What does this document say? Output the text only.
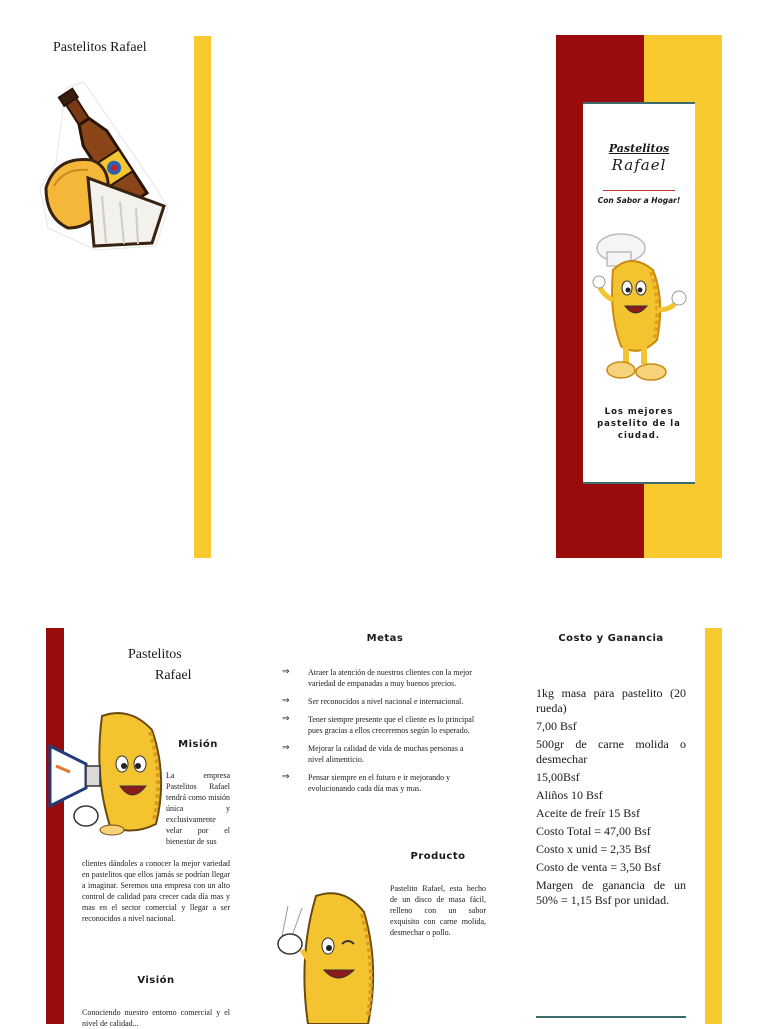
Pastelitos Rafael
Pastelitos
Rafael
Con Sabor a Hogar!
Los mejores pastelito de la ciudad.
Pastelitos
Rafael
Misión
La empresa Pastelitos Rafael tendrá como misión única y exclusivamente velar por el bienestar de sus
clientes dándoles a conocer la mejor variedad en pastelitos que ellos jamás se podrían llegar a imaginar. Seremos una empresa con un alto control de calidad para crecer cada día mas y mas en el sector comercial y llegar a ser reconocidos a nivel nacional.
Visión
Conociendo nuestro entorno comercial y el nivel de calidad...
Metas
⇒ Atraer la atención de nuestros clientes con la mejor variedad de empanadas a muy buenos precios.
⇒ Ser reconocidos a nivel nacional e internacional.
⇒ Tener siempre presente que el cliente es lo principal pues gracias a ellos creceremos según lo esperado.
⇒ Mejorar la calidad de vida de muchas personas a nivel alimenticio.
⇒ Pensar siempre en el futuro e ir mejorando y evolucionando cada día mas y mas.
Producto
Pastelito Rafael, esta hecho de un disco de masa fácil, relleno con un sabor exquisito con carne molida, desmechar o pollo.
Costo y Ganancia
1kg masa para pastelito (20 rueda)
7,00 Bsf
500gr de carne molida o desmechar
15,00Bsf
Aliños 10 Bsf
Aceite de freír 15 Bsf
Costo Total = 47,00 Bsf
Costo x unid = 2,35 Bsf
Costo de venta = 3,50 Bsf
Margen de ganancia de un 50% = 1,15 Bsf por unidad.
